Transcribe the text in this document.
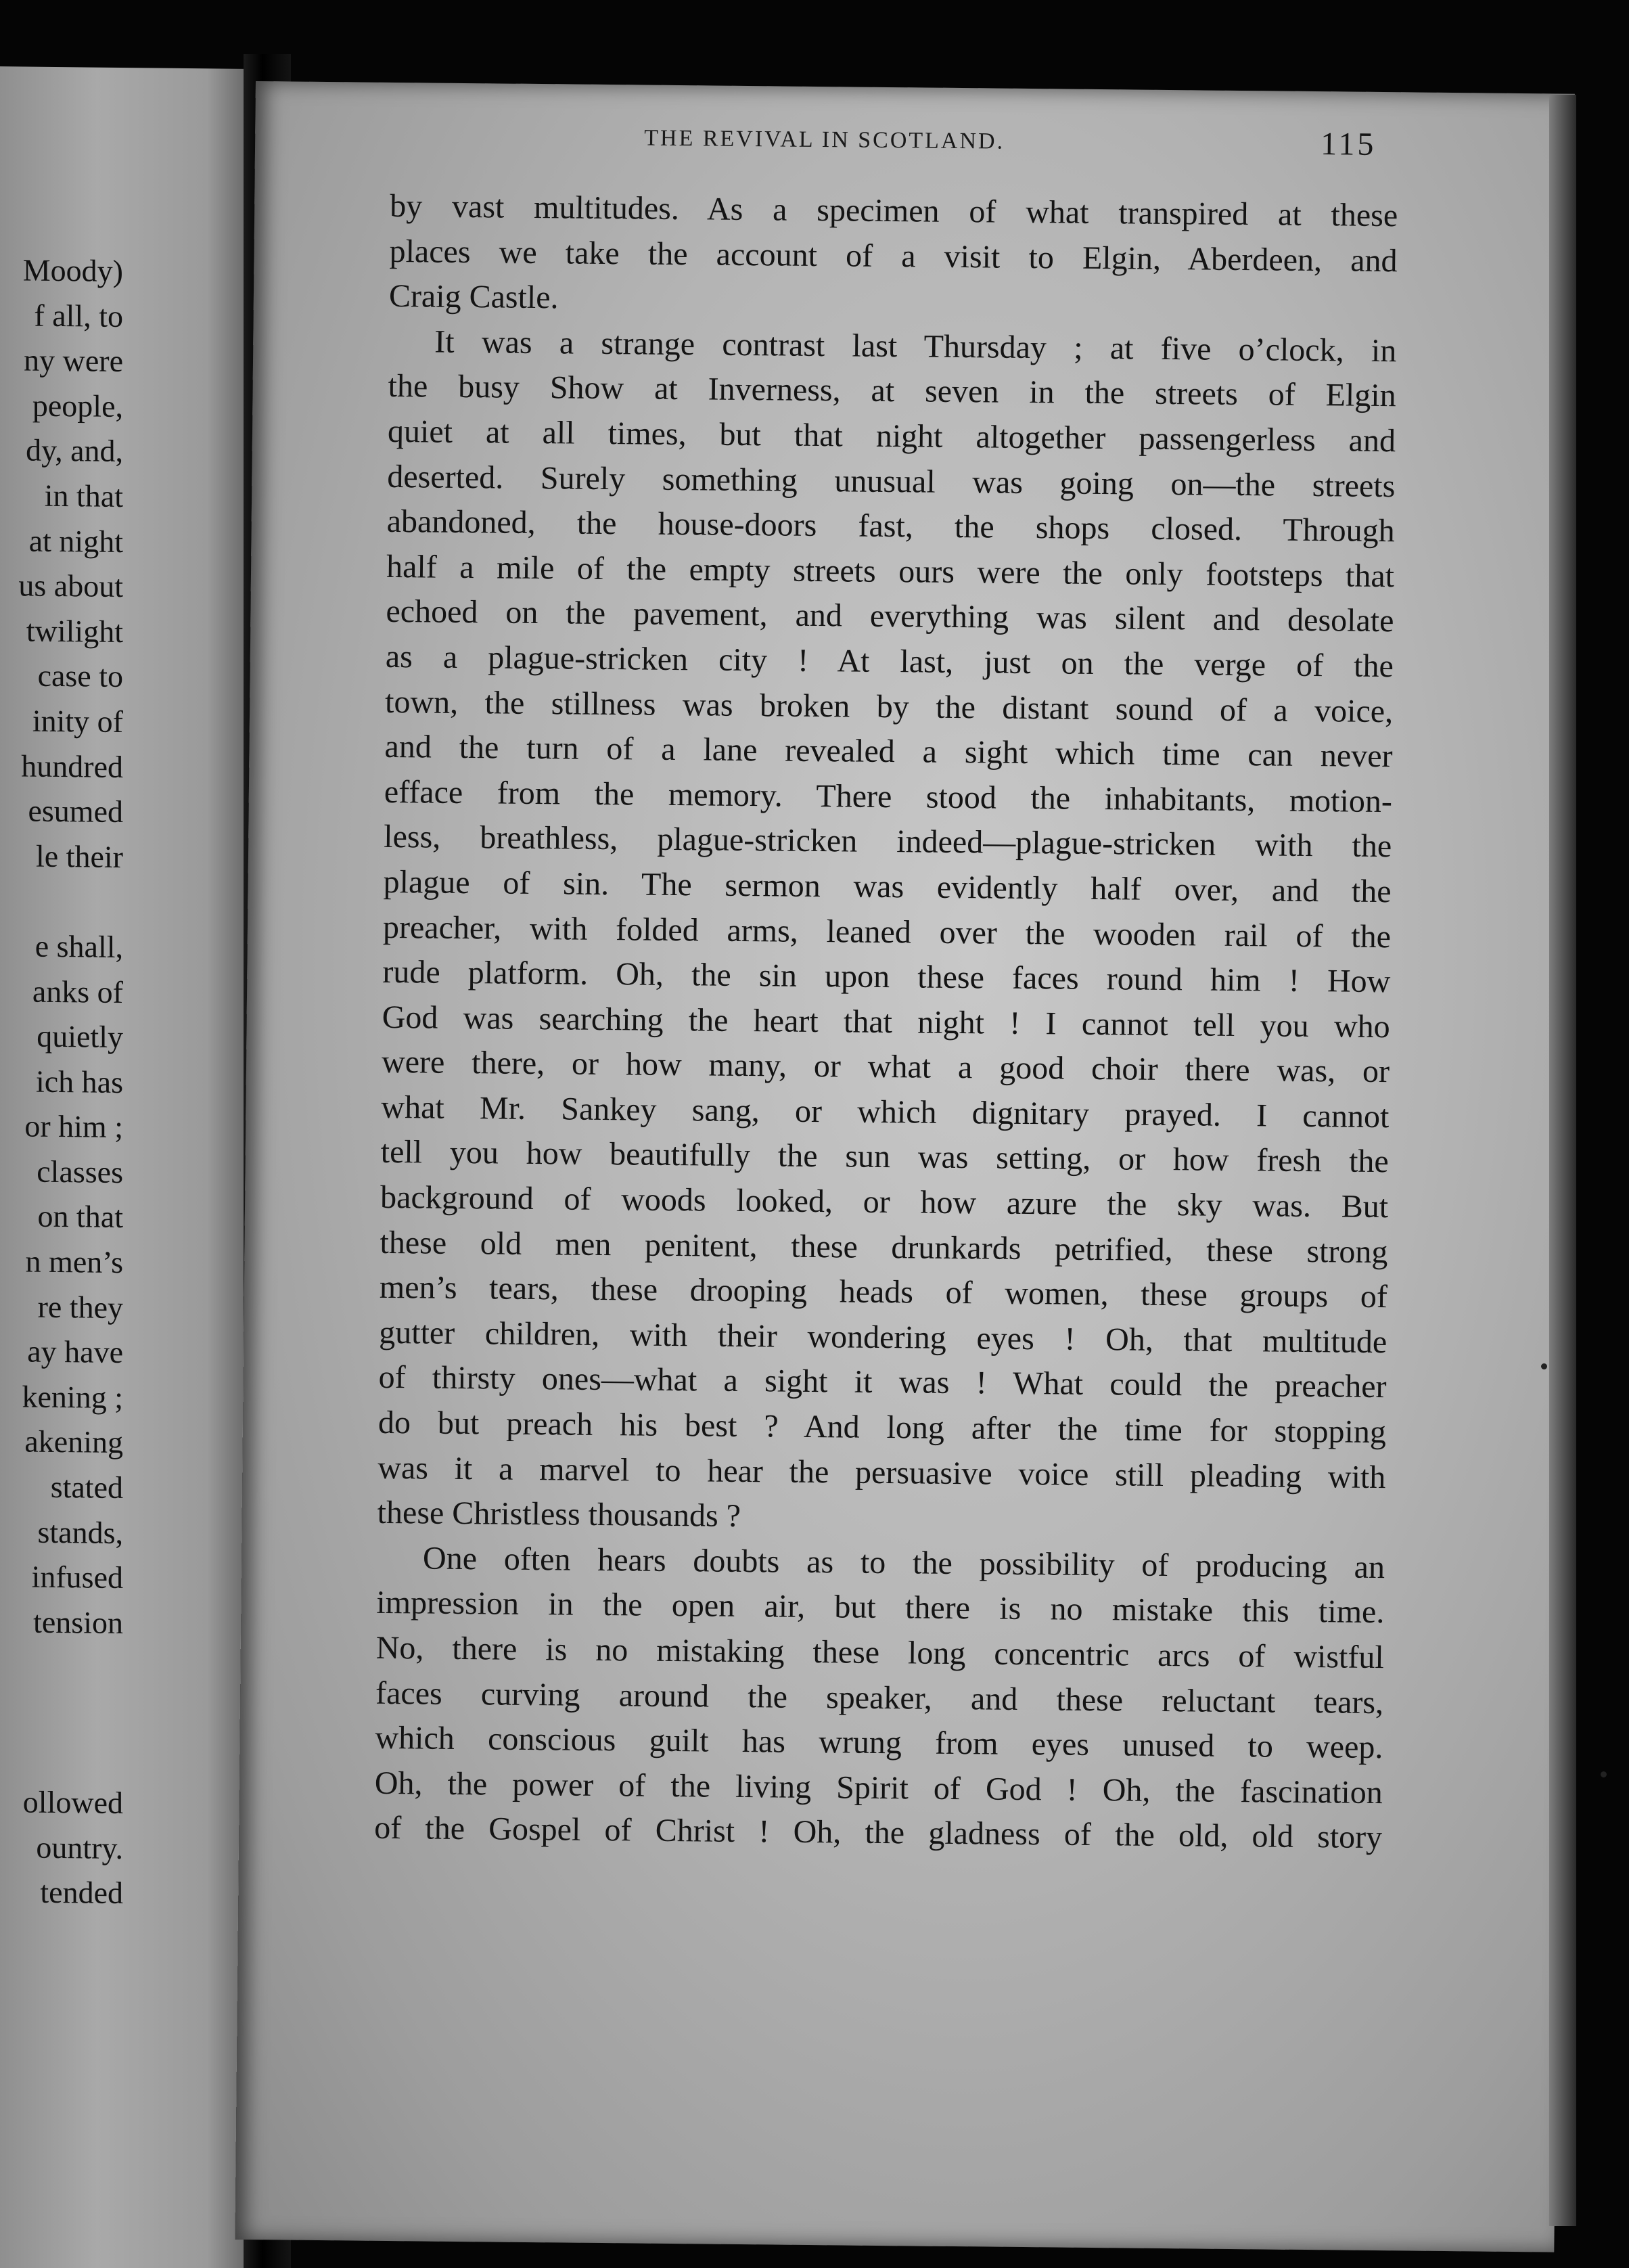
Moody)
f all, to
ny were
people,
dy, and,
in that
at night
us about
twilight
case to
inity of
hundred
esumed
le their
e shall,
anks of
quietly
ich has
or him ;
classes
on that
n men’s
re they
ay have
kening ;
akening
stated
stands,
infused
tension
ollowed
ountry.
tended
THE REVIVAL IN SCOTLAND.	115
by vast multitudes. As a specimen of what transpired at these
places we take the account of a visit to Elgin, Aberdeen, and
Craig Castle.
It was a strange contrast last Thursday ; at five o’clock, in
the busy Show at Inverness, at seven in the streets of Elgin
quiet at all times, but that night altogether passengerless and
deserted. Surely something unusual was going on—the streets
abandoned, the house-doors fast, the shops closed. Through
half a mile of the empty streets ours were the only footsteps that
echoed on the pavement, and everything was silent and desolate
as a plague-stricken city ! At last, just on the verge of the
town, the stillness was broken by the distant sound of a voice,
and the turn of a lane revealed a sight which time can never
efface from the memory. There stood the inhabitants, motion-
less, breathless, plague-stricken indeed—plague-stricken with the
plague of sin. The sermon was evidently half over, and the
preacher, with folded arms, leaned over the wooden rail of the
rude platform. Oh, the sin upon these faces round him ! How
God was searching the heart that night ! I cannot tell you who
were there, or how many, or what a good choir there was, or
what Mr. Sankey sang, or which dignitary prayed. I cannot
tell you how beautifully the sun was setting, or how fresh the
background of woods looked, or how azure the sky was. But
these old men penitent, these drunkards petrified, these strong
men’s tears, these drooping heads of women, these groups of
gutter children, with their wondering eyes ! Oh, that multitude
of thirsty ones—what a sight it was ! What could the preacher
do but preach his best ? And long after the time for stopping
was it a marvel to hear the persuasive voice still pleading with
these Christless thousands ?
One often hears doubts as to the possibility of producing an
impression in the open air, but there is no mistake this time.
No, there is no mistaking these long concentric arcs of wistful
faces curving around the speaker, and these reluctant tears,
which conscious guilt has wrung from eyes unused to weep.
Oh, the power of the living Spirit of God ! Oh, the fascination
of the Gospel of Christ ! Oh, the gladness of the old, old story
